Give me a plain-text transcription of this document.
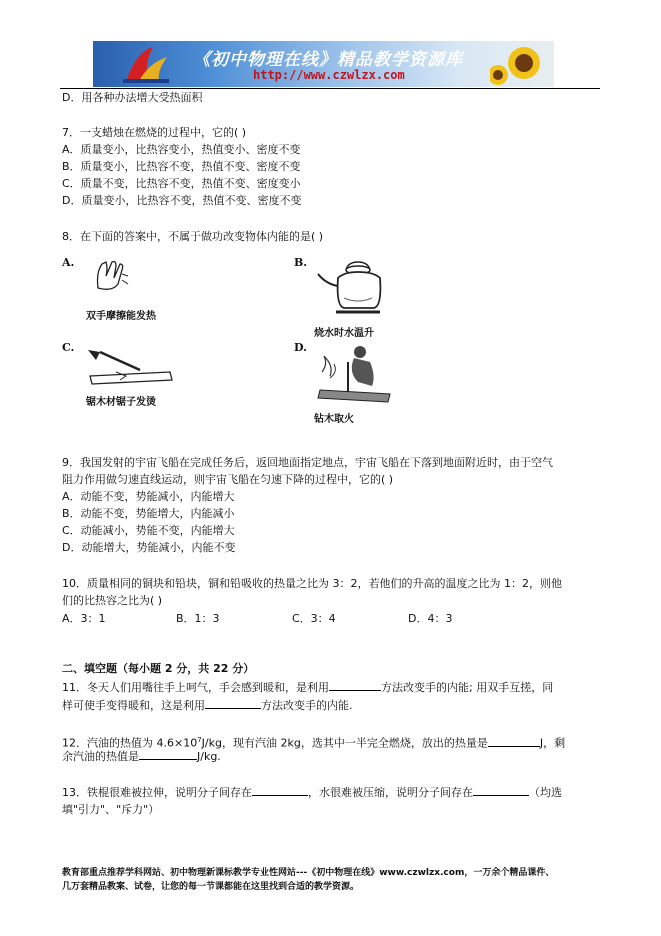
《初中物理在线》精品教学资源库
http://www.czwlzx.com
D．用各种办法增大受热面积
7．一支蜡烛在燃烧的过程中，它的( )
A．质量变小，比热容变小，热值变小、密度不变
B．质量变小，比热容不变，热值不变、密度不变
C．质量不变，比热容不变，热值不变、密度变小
D．质量变小，比热容不变，热值不变、密度不变
8．在下面的答案中，不属于做功改变物体内能的是( )
A.
双手摩擦能发热
B.
烧水时水温升
C.
锯木材锯子发烫
D.
钻木取火
9．我国发射的宇宙飞船在完成任务后，返回地面指定地点，宇宙飞船在下落到地面附近时，由于空气
阻力作用做匀速直线运动，则宇宙飞船在匀速下降的过程中，它的( )
A．动能不变，势能减小，内能增大
B．动能不变，势能增大，内能减小
C．动能减小，势能不变，内能增大
D．动能增大，势能减小，内能不变
10．质量相同的铜块和铅块，铜和铅吸收的热量之比为 3：2，若他们的升高的温度之比为 1：2，则他
们的比热容之比为( )
A．3：1	B．1：3	C．3：4	D．4：3
二、填空题（每小题 2 分，共 22 分）
11．冬天人们用嘴往手上呵气，手会感到暖和，是利用	方法改变手的内能; 用双手互搓，同
样可使手变得暖和，这是利用	方法改变手的内能.
12．汽油的热值为 $4.6\times 10^7J/kg$，现有汽油 2kg，选其中一半完全燃烧，放出的热量是	J，剩
余汽油的热值是	J/kg.
13．铁棍很难被拉伸，说明分子间存在	，水很难被压缩，说明分子间存在	（均选
填"引力"、"斥力"）
教育部重点推荐学科网站、初中物理新课标教学专业性网站---《初中物理在线》www.czwlzx.com，一万余个精品课件、
几万套精品教案、试卷，让您的每一节课都能在这里找到合适的教学资源。
